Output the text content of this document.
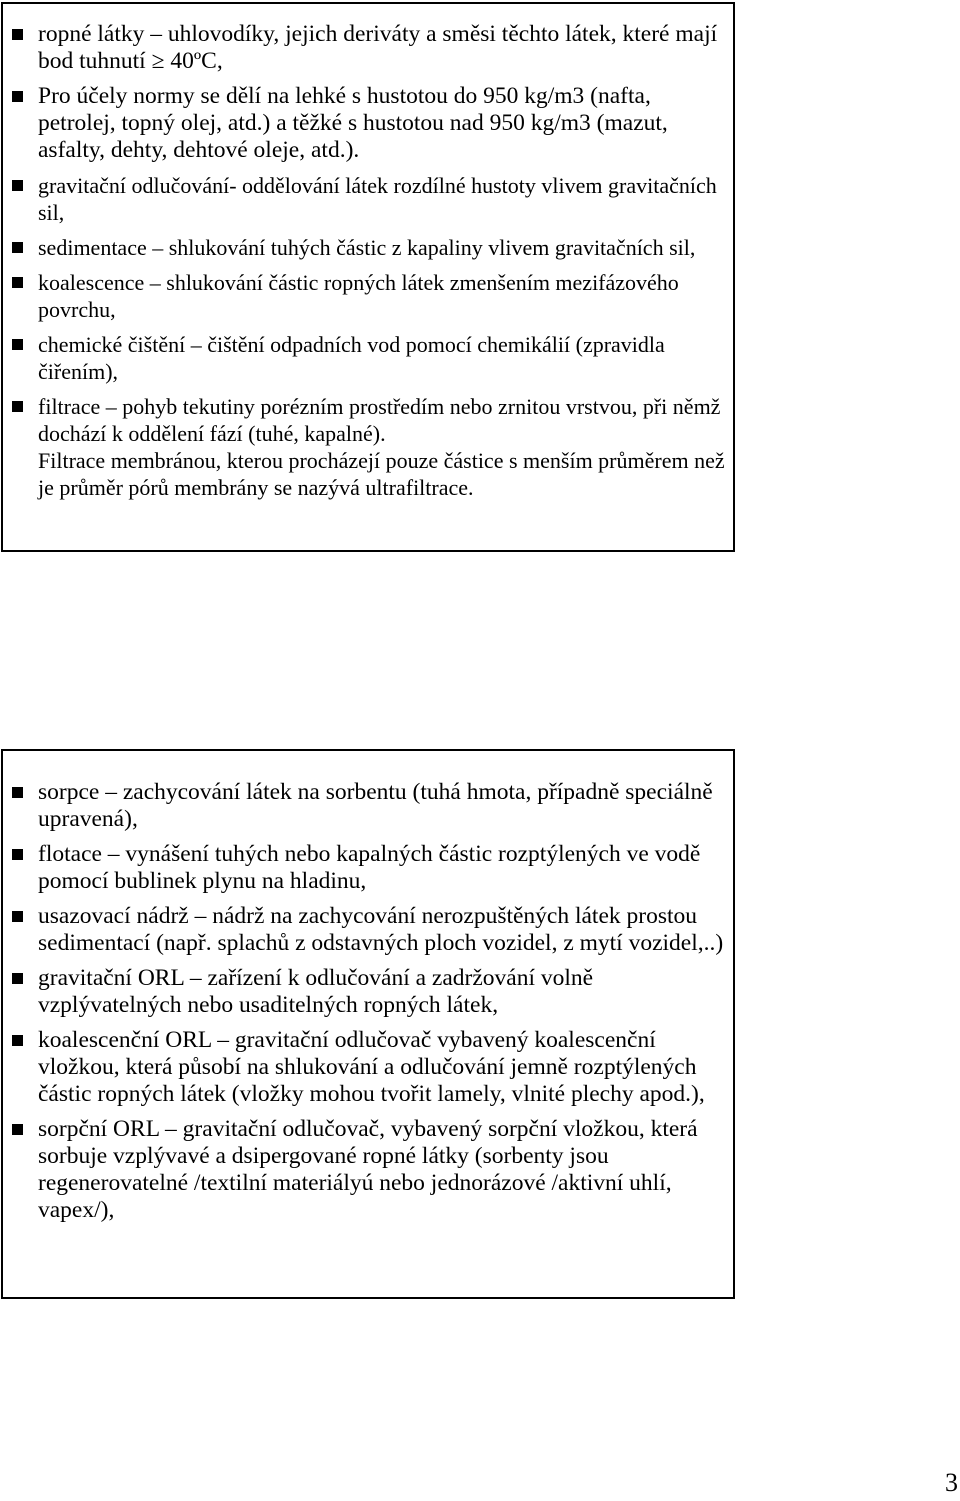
ropné látky – uhlovodíky, jejich deriváty a směsi těchto látek, které mají bod tuhnutí ≥ 40ºC,
Pro účely normy se dělí na lehké s hustotou do 950 kg/m3 (nafta, petrolej, topný olej, atd.) a těžké s hustotou nad 950 kg/m3 (mazut, asfalty, dehty, dehtové oleje, atd.).
gravitační odlučování- oddělování látek rozdílné hustoty vlivem gravitačních sil,
sedimentace – shlukování tuhých částic z kapaliny vlivem gravitačních sil,
koalescence – shlukování částic ropných látek zmenšením mezifázového povrchu,
chemické čištění – čištění odpadních vod pomocí chemikálií (zpravidla čiřením),
filtrace – pohyb tekutiny porézním prostředím nebo zrnitou vrstvou, při němž dochází k oddělení fází (tuhé, kapalné).
Filtrace membránou, kterou procházejí pouze částice s menším průměrem než je průměr pórů membrány se nazývá ultrafiltrace.
sorpce – zachycování látek na sorbentu (tuhá hmota, případně speciálně upravená),
flotace – vynášení tuhých nebo kapalných částic rozptýlených ve vodě pomocí bublinek plynu na hladinu,
usazovací nádrž – nádrž na zachycování nerozpuštěných látek prostou sedimentací (např. splachů z odstavných ploch vozidel, z mytí vozidel,..)
gravitační ORL – zařízení k odlučování a zadržování volně vzplývatelných nebo usaditelných ropných látek,
koalescenční ORL – gravitační odlučovač vybavený koalescenční vložkou, která působí na shlukování a odlučování jemně rozptýlených částic ropných látek (vložky mohou tvořit lamely, vlnité plechy apod.),
sorpční ORL – gravitační odlučovač, vybavený sorpční vložkou, která sorbuje vzplývavé a dsipergované ropné látky (sorbenty jsou regenerovatelné /textilní materiályú nebo jednorázové /aktivní uhlí, vapex/),
3
